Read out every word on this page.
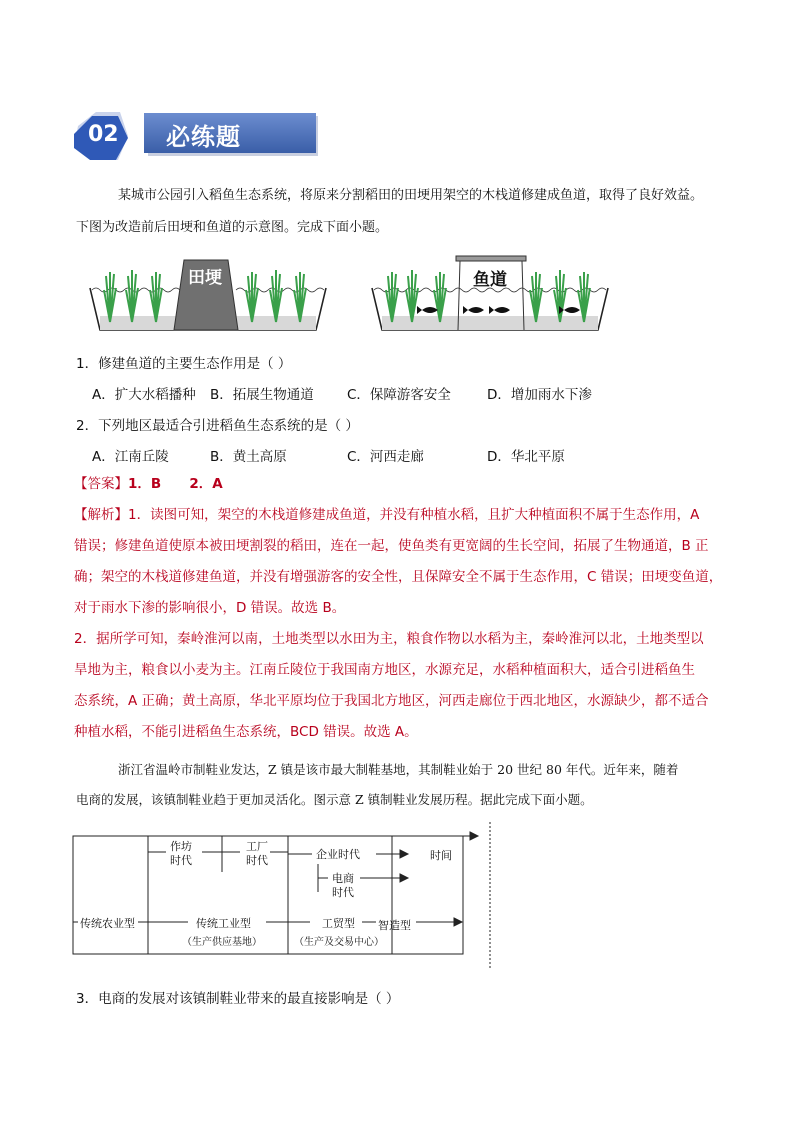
02 必练题
某城市公园引入稻鱼生态系统，将原来分割稻田的田埂用架空的木栈道修建成鱼道，取得了良好效益。
下图为改造前后田埂和鱼道的示意图。完成下面小题。
田埂	鱼道
1．修建鱼道的主要生态作用是（ ）
A．扩大水稻播种 B．拓展生物通道 C．保障游客安全	D．增加雨水下渗
2．下列地区最适合引进稻鱼生态系统的是（ ）
A．江南丘陵	B．黄土高原	C．河西走廊	D．华北平原
【答案】1．B      2．A
【解析】1．读图可知，架空的木栈道修建成鱼道，并没有种植水稻，且扩大种植面积不属于生态作用，A
错误；修建鱼道使原本被田埂割裂的稻田，连在一起，使鱼类有更宽阔的生长空间，拓展了生物通道，B 正
确；架空的木栈道修建鱼道，并没有增强游客的安全性，且保障安全不属于生态作用，C 错误；田埂变鱼道，
对于雨水下渗的影响很小，D 错误。故选 B。
2．据所学可知，秦岭淮河以南，土地类型以水田为主，粮食作物以水稻为主，秦岭淮河以北，土地类型以
旱地为主，粮食以小麦为主。江南丘陵位于我国南方地区，水源充足，水稻种植面积大，适合引进稻鱼生
态系统，A 正确；黄土高原，华北平原均位于我国北方地区，河西走廊位于西北地区，水源缺少，都不适合
种植水稻，不能引进稻鱼生态系统，BCD 错误。故选 A。
浙江省温岭市制鞋业发达，Z 镇是该市最大制鞋基地，其制鞋业始于 20 世纪 80 年代。近年来，随着
电商的发展，该镇制鞋业趋于更加灵活化。图示意 Z 镇制鞋业发展历程。据此完成下面小题。
作坊
时代
工厂
时代	企业时代	时间
电商
时代
传统农业型	传统工业型
（生产供应基地）
工贸型
（生产及交易中心）
智造型
3．电商的发展对该镇制鞋业带来的最直接影响是（ ）
